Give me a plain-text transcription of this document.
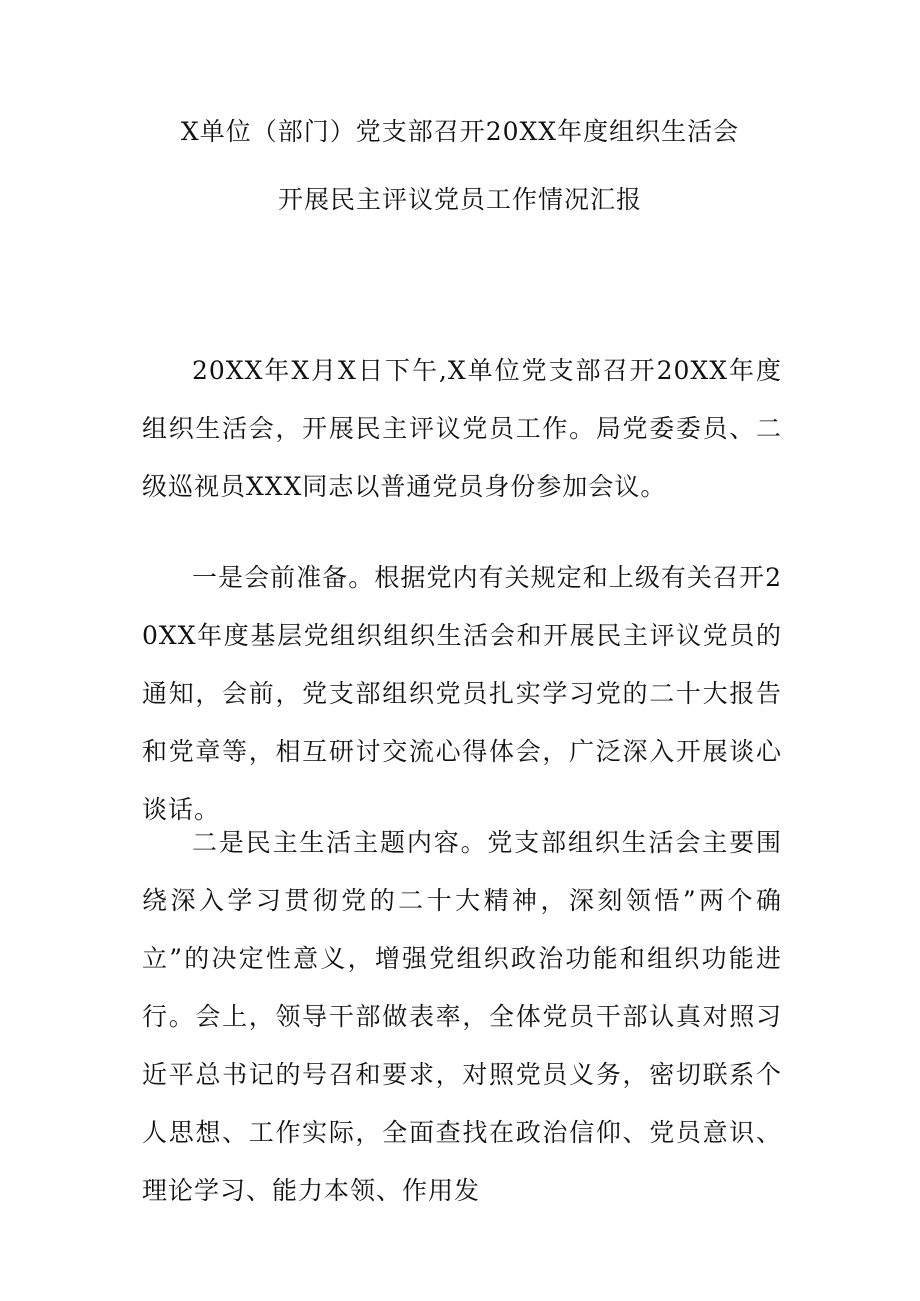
X单位（部门）党支部召开20XX年度组织生活会
开展民主评议党员工作情况汇报

20XX年X月X日下午,X单位党支部召开20XX年度组织生活会，开展民主评议党员工作。局党委委员、二级巡视员XXX同志以普通党员身份参加会议。

一是会前准备。根据党内有关规定和上级有关召开20XX年度基层党组织组织生活会和开展民主评议党员的通知，会前，党支部组织党员扎实学习党的二十大报告和党章等，相互研讨交流心得体会，广泛深入开展谈心谈话。

二是民主生活主题内容。党支部组织生活会主要围绕深入学习贯彻党的二十大精神，深刻领悟”两个确立”的决定性意义，增强党组织政治功能和组织功能进行。会上，领导干部做表率，全体党员干部认真对照习近平总书记的号召和要求，对照党员义务，密切联系个人思想、工作实际，全面查找在政治信仰、党员意识、理论学习、能力本领、作用发
